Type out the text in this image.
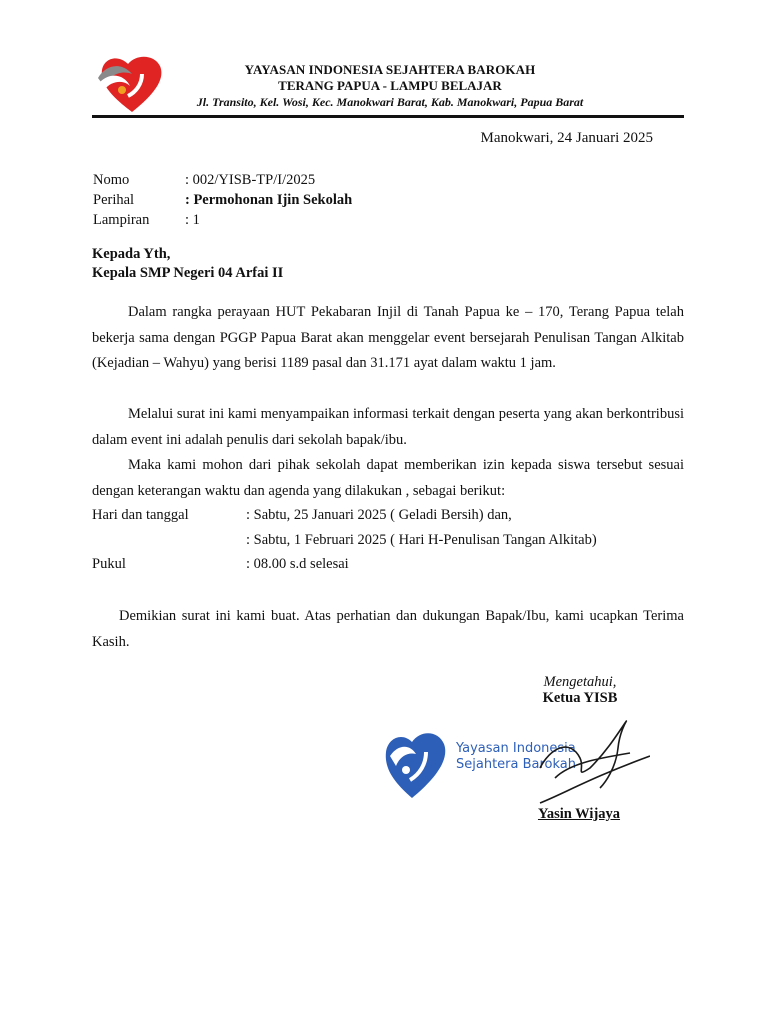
YAYASAN INDONESIA SEJAHTERA BAROKAH
TERANG PAPUA - LAMPU BELAJAR
Jl. Transito, Kel. Wosi, Kec. Manokwari Barat, Kab. Manokwari, Papua Barat
Manokwari, 24 Januari 2025
Nomo	: 002/YISB-TP/I/2025
Perihal	: Permohonan Ijin Sekolah
Lampiran	: 1
Kepada Yth,
Kepala SMP Negeri 04 Arfai II
Dalam rangka perayaan HUT Pekabaran Injil di Tanah Papua ke – 170, Terang Papua telah bekerja sama dengan PGGP Papua Barat akan menggelar event bersejarah Penulisan Tangan Alkitab (Kejadian – Wahyu) yang berisi 1189 pasal dan 31.171 ayat dalam waktu 1 jam.
Melalui surat ini kami menyampaikan informasi terkait dengan peserta yang akan berkontribusi dalam event ini adalah penulis dari sekolah bapak/ibu.
Maka kami mohon dari pihak sekolah dapat memberikan izin kepada siswa tersebut sesuai dengan keterangan waktu dan agenda yang dilakukan , sebagai berikut:
Hari dan tanggal	: Sabtu, 25 Januari 2025 ( Geladi Bersih) dan,
: Sabtu, 1 Februari 2025 ( Hari H-Penulisan Tangan Alkitab)
Pukul	: 08.00 s.d selesai
Demikian surat ini kami buat. Atas perhatian dan dukungan Bapak/Ibu, kami ucapkan Terima Kasih.
Mengetahui,
Ketua YISB
Yayasan Indonesia
Sejahtera Barokah
Yasin Wijaya
